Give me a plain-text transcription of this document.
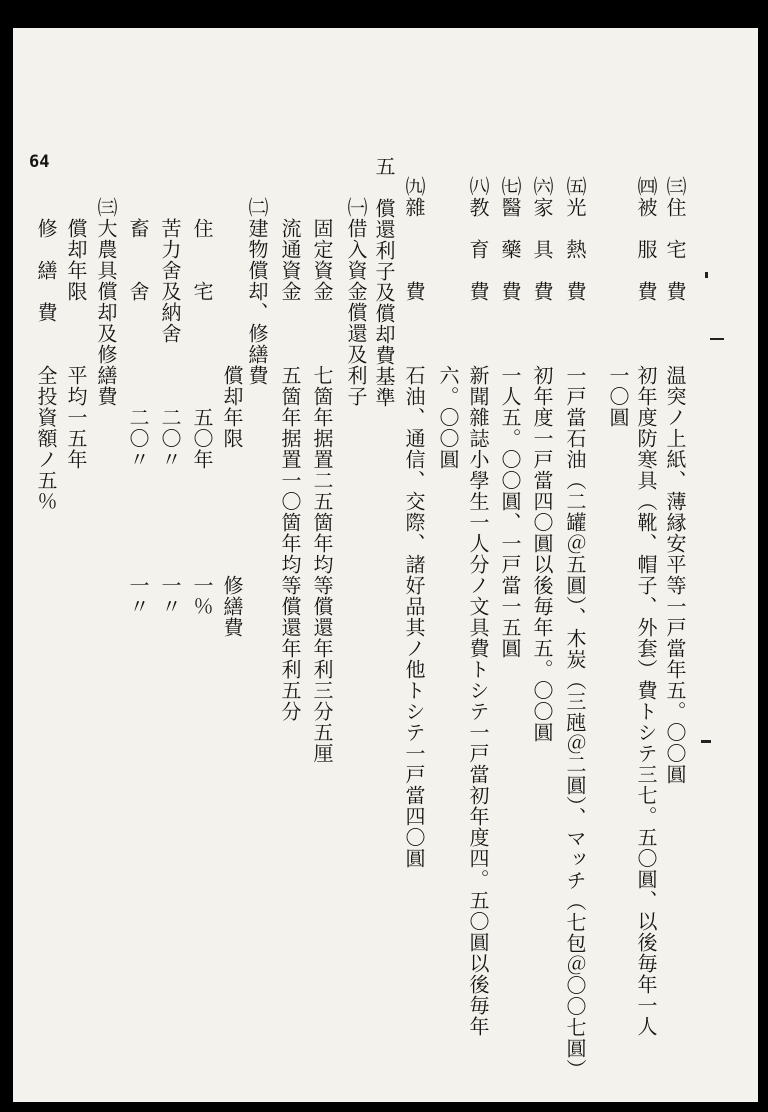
64
㈢住　宅　費　　　温突ノ上紙、薄縁安平等一戸當年五。〇〇圓
㈣被　服　費　　　初年度防寒具（靴、帽子、外套）費トシテ三七。五〇圓、以後毎年一人
　　　　　　　　　一〇圓
㈤光　熱　費　　　一戸當石油（二罐＠五圓）、木炭（三瓲＠二圓）、マッチ（七包＠〇〇七圓）
㈥家　具　費　　　初年度一戸當四〇圓以後毎年五。〇〇圓
㈦醫　藥　費　　　一人五。〇〇圓、一戸當一五圓
㈧教　育　費　　　新聞雜誌小學生一人分ノ文具費トシテ一戸當初年度四。五〇圓以後毎年
　　　　　　　　　六。〇〇圓
㈨雜　　　費　　　石油、通信、交際、諸好品其ノ他トシテ一戸當四〇圓
五　償還利子及償却費基準
　㈠借入資金償還及利子
　　固定資金　　　七箇年据置二五箇年均等償還年利三分五厘
　　流通資金　　　五箇年据置一〇箇年均等償還年利五分
　㈡建物償却、修繕費
　　　　　　　　　償却年限　　　　　　修繕費
　　住　　宅　　　　　五〇年　　　　　一％
　　苦力舍及納舍　　　二〇〃　　　　　一〃
　　畜　　舍　　　　　二〇〃　　　　　一〃
　㈢大農具償却及修繕費
　　償却年限　　　平均一五年
　　修　繕　費　　全投資額ノ五％
